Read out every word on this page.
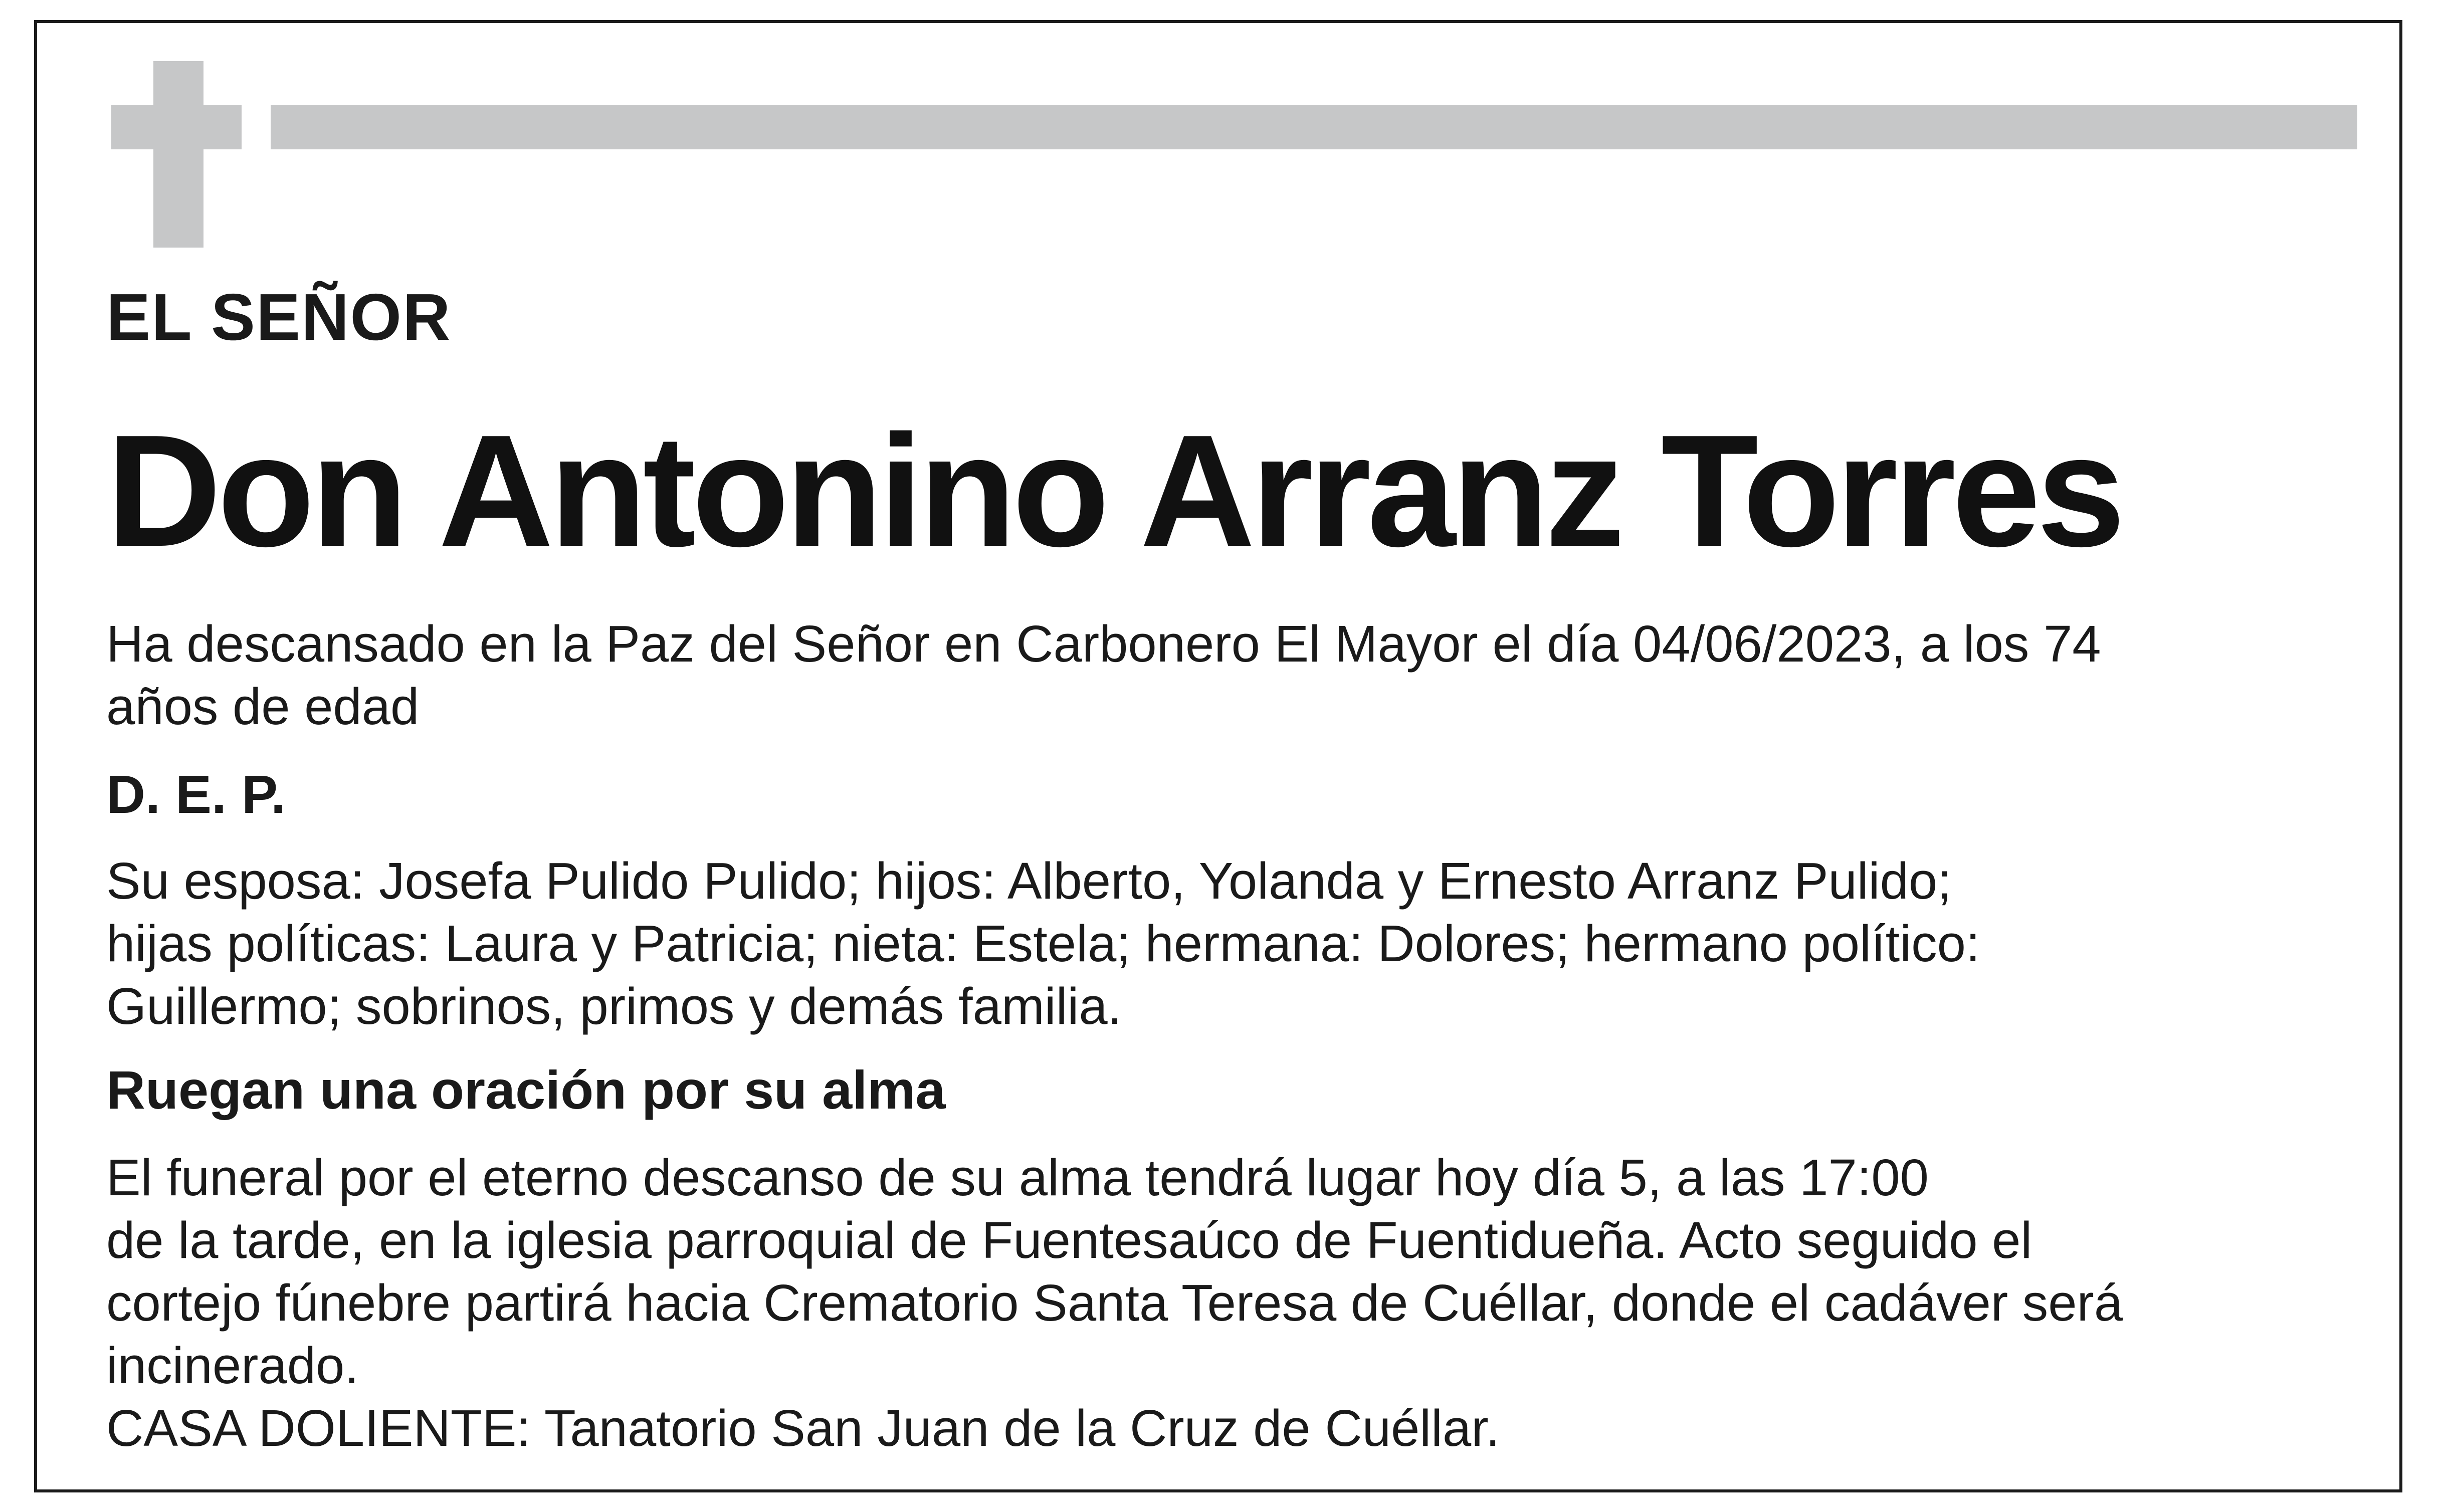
EL SEÑOR
Don Antonino Arranz Torres
Ha descansado en la Paz del Señor en Carbonero El Mayor el día 04/06/2023, a los 74
años de edad
D. E. P.
Su esposa: Josefa Pulido Pulido; hijos: Alberto, Yolanda y Ernesto Arranz Pulido;
hijas políticas: Laura y Patricia; nieta: Estela; hermana: Dolores; hermano político:
Guillermo; sobrinos, primos y demás familia.
Ruegan una oración por su alma
El funeral por el eterno descanso de su alma tendrá lugar hoy día 5, a las 17:00
de la tarde, en la iglesia parroquial de Fuentesaúco de Fuentidueña. Acto seguido el
cortejo fúnebre partirá hacia Crematorio Santa Teresa de Cuéllar, donde el cadáver será
incinerado.
CASA DOLIENTE: Tanatorio San Juan de la Cruz de Cuéllar.
